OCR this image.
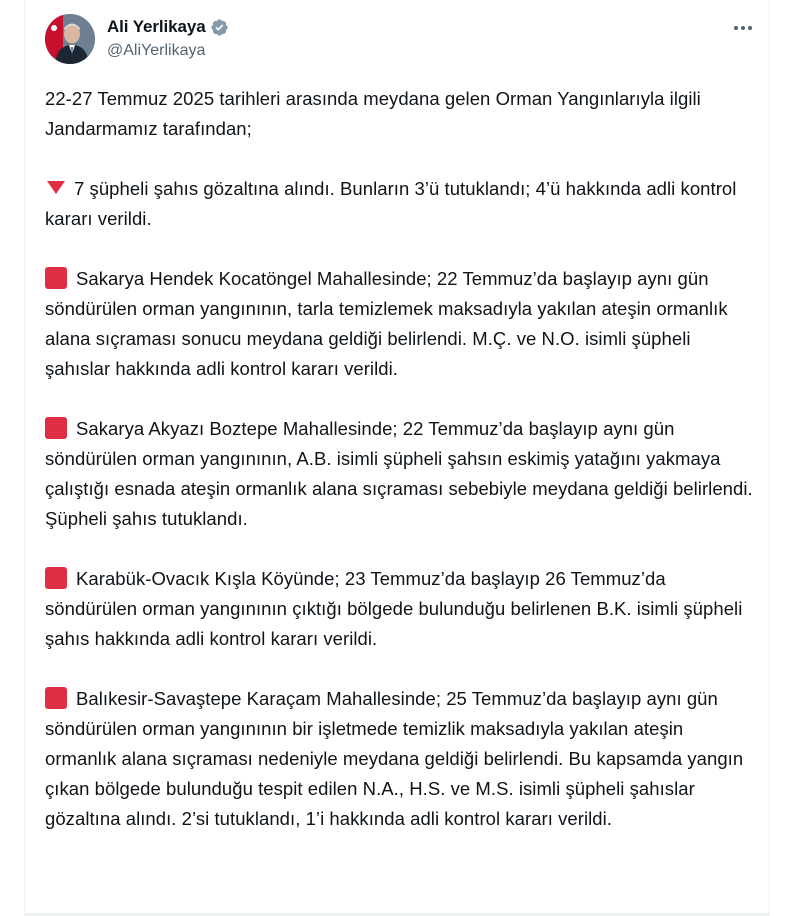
Ali Yerlikaya
@AliYerlikaya

22-27 Temmuz 2025 tarihleri arasında meydana gelen Orman Yangınlarıyla ilgili Jandarmamız tarafından;

7 şüpheli şahıs gözaltına alındı. Bunların 3’ü tutuklandı; 4’ü hakkında adli kontrol kararı verildi.

Sakarya Hendek Kocatöngel Mahallesinde; 22 Temmuz’da başlayıp aynı gün söndürülen orman yangınının, tarla temizlemek maksadıyla yakılan ateşin ormanlık alana sıçraması sonucu meydana geldiği belirlendi. M.Ç. ve N.O. isimli şüpheli şahıslar hakkında adli kontrol kararı verildi.

Sakarya Akyazı Boztepe Mahallesinde; 22 Temmuz’da başlayıp aynı gün söndürülen orman yangınının, A.B. isimli şüpheli şahsın eskimiş yatağını yakmaya çalıştığı esnada ateşin ormanlık alana sıçraması sebebiyle meydana geldiği belirlendi. Şüpheli şahıs tutuklandı.

Karabük-Ovacık Kışla Köyünde; 23 Temmuz’da başlayıp 26 Temmuz’da söndürülen orman yangınının çıktığı bölgede bulunduğu belirlenen B.K. isimli şüpheli şahıs hakkında adli kontrol kararı verildi.

Balıkesir-Savaştepe Karaçam Mahallesinde; 25 Temmuz’da başlayıp aynı gün söndürülen orman yangınının bir işletmede temizlik maksadıyla yakılan ateşin ormanlık alana sıçraması nedeniyle meydana geldiği belirlendi. Bu kapsamda yangın çıkan bölgede bulunduğu tespit edilen N.A., H.S. ve M.S. isimli şüpheli şahıslar gözaltına alındı. 2’si tutuklandı, 1’i hakkında adli kontrol kararı verildi.
